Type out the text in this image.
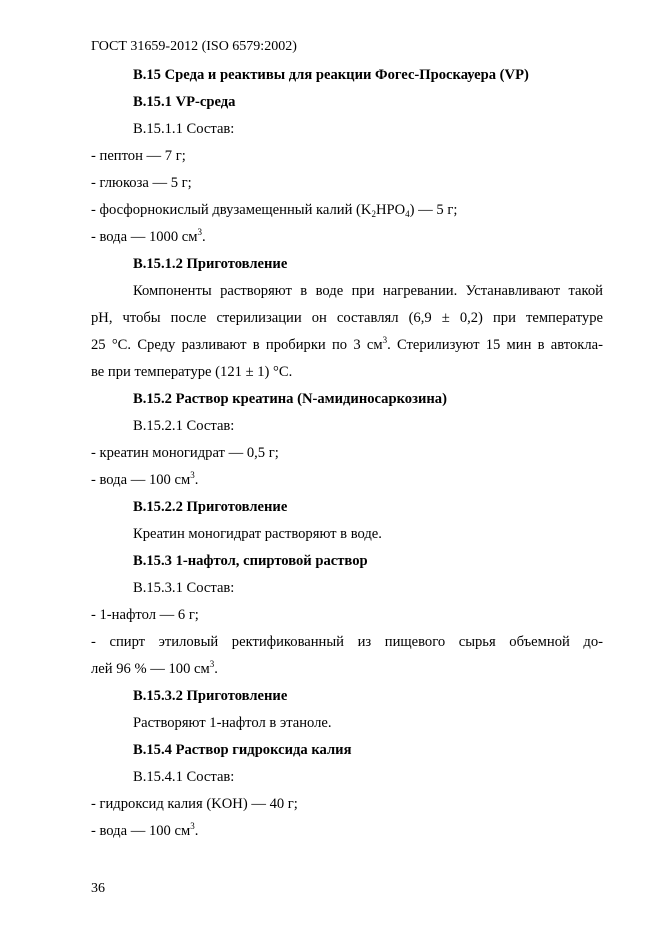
ГОСТ 31659-2012 (ISO 6579:2002)

В.15 Среда и реактивы для реакции Фогес-Проскауера (VP)

В.15.1 VP-среда

В.15.1.1 Состав:

- пептон — 7 г;

- глюкоза — 5 г;

- фосфорнокислый двузамещенный калий $(K_2HPO_4)$ — 5 г;

- вода — 1000 $см^3$.

В.15.1.2 Приготовление

Компоненты растворяют в воде при нагревании. Устанавливают такой

pH, чтобы после стерилизации он составлял (6,9 ± 0,2) при температуре

25 °С. Среду разливают в пробирки по 3 $см^3$. Стерилизуют 15 мин в автокла-

ве при температуре (121 ± 1) °С.

В.15.2 Раствор креатина (N-амидиносаркозина)

В.15.2.1 Состав:

- креатин моногидрат — 0,5 г;

- вода — 100 $см^3$.

В.15.2.2 Приготовление

Креатин моногидрат растворяют в воде.

В.15.3 1-нафтол, спиртовой раствор

В.15.3.1 Состав:

- 1-нафтол — 6 г;

- спирт этиловый ректификованный из пищевого сырья объемной до-

лей 96 % — 100 $см^3$.

В.15.3.2 Приготовление

Растворяют 1-нафтол в этаноле.

В.15.4 Раствор гидроксида калия

В.15.4.1 Состав:

- гидроксид калия (KOH) — 40 г;

- вода — 100 $см^3$.

36
